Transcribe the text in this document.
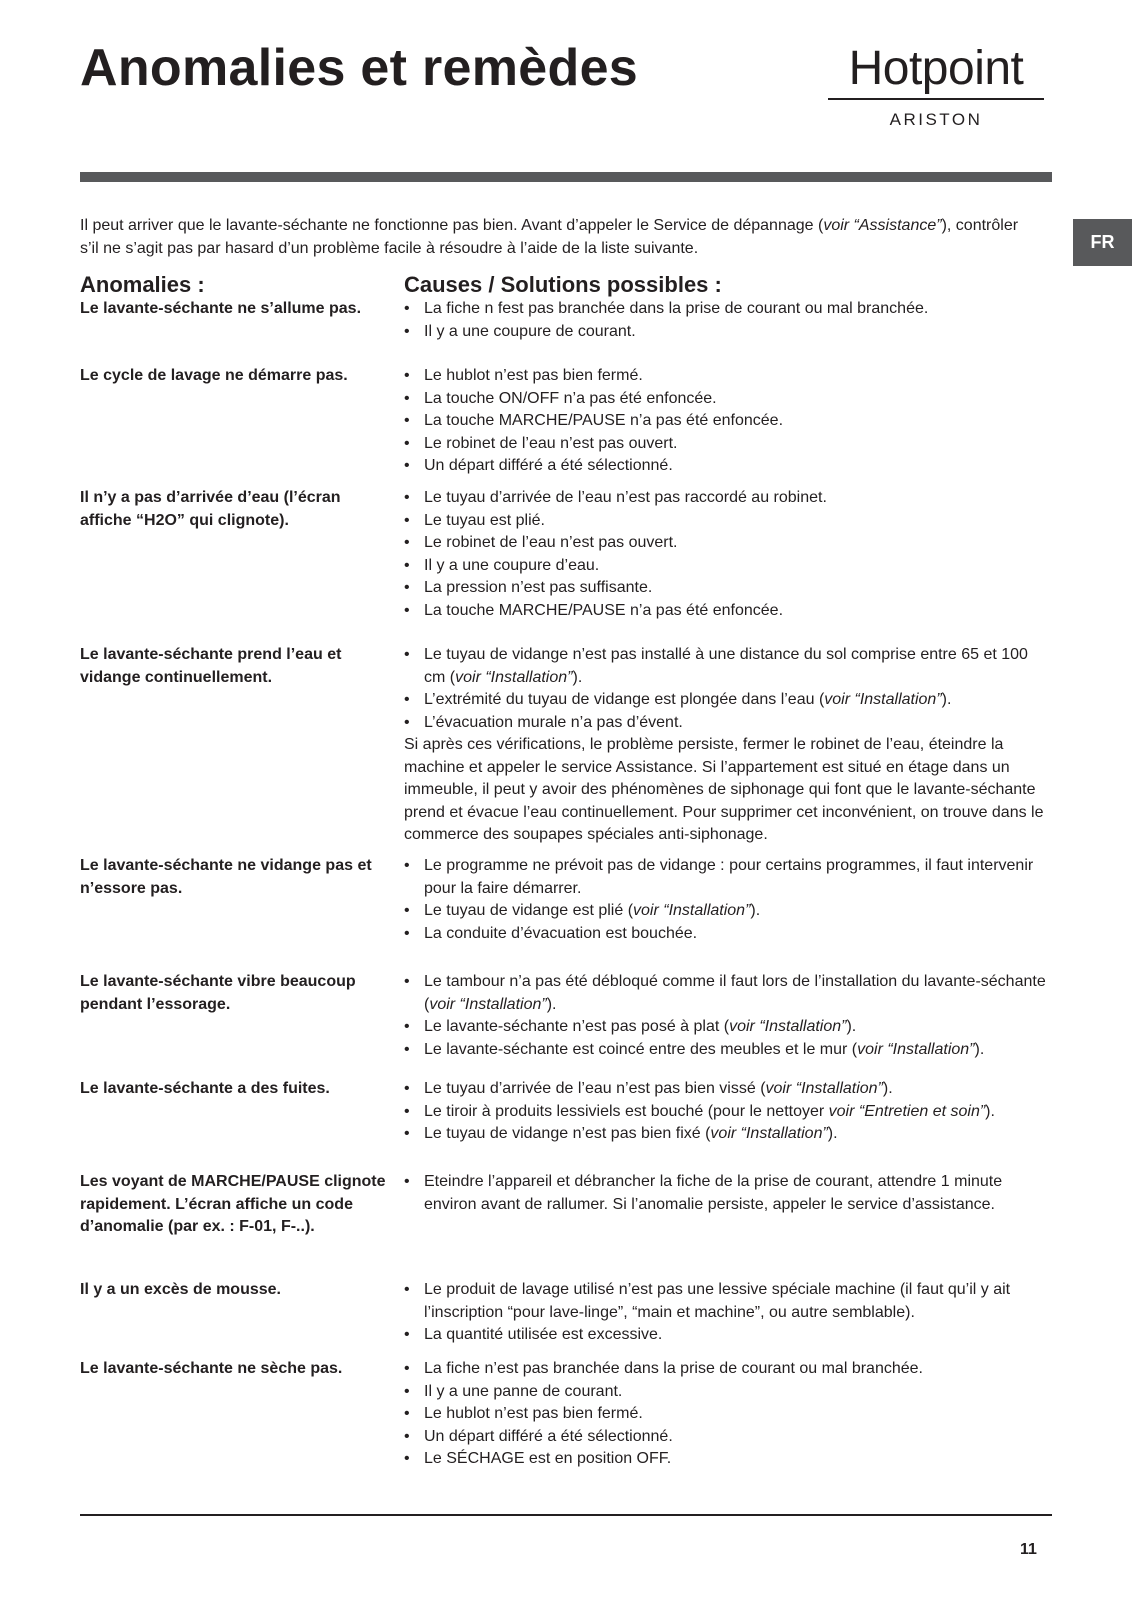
Anomalies et remèdes	Hotpoint
ARISTON
FR

Il peut arriver que le lavante-séchante ne fonctionne pas bien. Avant d’appeler le Service de dépannage (voir “Assistance”), contrôler s’il ne s’agit pas par hasard d’un problème facile à résoudre à l’aide de la liste suivante.

Anomalies :	Causes / Solutions possibles :
Le lavante-séchante ne s’allume pas.	• La fiche n fest pas branchée dans la prise de courant ou mal branchée.
• Il y a une coupure de courant.
Le cycle de lavage ne démarre pas.	• Le hublot n’est pas bien fermé.
• La touche ON/OFF n’a pas été enfoncée.
• La touche MARCHE/PAUSE n’a pas été enfoncée.
• Le robinet de l’eau n’est pas ouvert.
• Un départ différé a été sélectionné.
Il n’y a pas d’arrivée d’eau (l’écran affiche “H2O” qui clignote).
• Le tuyau d’arrivée de l’eau n’est pas raccordé au robinet.
• Le tuyau est plié.
• Le robinet de l’eau n’est pas ouvert.
• Il y a une coupure d’eau.
• La pression n’est pas suffisante.
• La touche MARCHE/PAUSE n’a pas été enfoncée.
Le lavante-séchante prend l’eau et vidange continuellement.
• Le tuyau de vidange n’est pas installé à une distance du sol comprise entre 65 et 100 cm (voir “Installation”).
• L’extrémité du tuyau de vidange est plongée dans l’eau (voir “Installation”).
• L’évacuation murale n’a pas d’évent.
Si après ces vérifications, le problème persiste, fermer le robinet de l’eau, éteindre la machine et appeler le service Assistance. Si l’appartement est situé en étage dans un immeuble, il peut y avoir des phénomènes de siphonage qui font que le lavante-séchante prend et évacue l’eau continuellement. Pour supprimer cet inconvénient, on trouve dans le commerce des soupapes spéciales anti-siphonage.
Le lavante-séchante ne vidange pas et n’essore pas.
• Le programme ne prévoit pas de vidange : pour certains programmes, il faut intervenir pour la faire démarrer.
• Le tuyau de vidange est plié (voir “Installation”).
• La conduite d’évacuation est bouchée.
Le lavante-séchante vibre beaucoup pendant l’essorage.
• Le tambour n’a pas été débloqué comme il faut lors de l’installation du lavante-séchante (voir “Installation”).
• Le lavante-séchante n’est pas posé à plat (voir “Installation”).
• Le lavante-séchante est coincé entre des meubles et le mur (voir “Installation”).
Le lavante-séchante a des fuites.	• Le tuyau d’arrivée de l’eau n’est pas bien vissé (voir “Installation”).
• Le tiroir à produits lessiviels est bouché (pour le nettoyer voir “Entretien et soin”).
• Le tuyau de vidange n’est pas bien fixé (voir “Installation”).
Les voyant de MARCHE/PAUSE clignote rapidement. L’écran affiche un code d’anomalie (par ex. : F-01, F-..).
• Eteindre l’appareil et débrancher la fiche de la prise de courant, attendre 1 minute environ avant de rallumer. Si l’anomalie persiste, appeler le service d’assistance.
Il y a un excès de mousse.	• Le produit de lavage utilisé n’est pas une lessive spéciale machine (il faut qu’il y ait l’inscription “pour lave-linge”, “main et machine”, ou autre semblable).
• La quantité utilisée est excessive.
Le lavante-séchante ne sèche pas.	• La fiche n’est pas branchée dans la prise de courant ou mal branchée.
• Il y a une panne de courant.
• Le hublot n’est pas bien fermé.
• Un départ différé a été sélectionné.
• Le SÉCHAGE est en position OFF.
11
